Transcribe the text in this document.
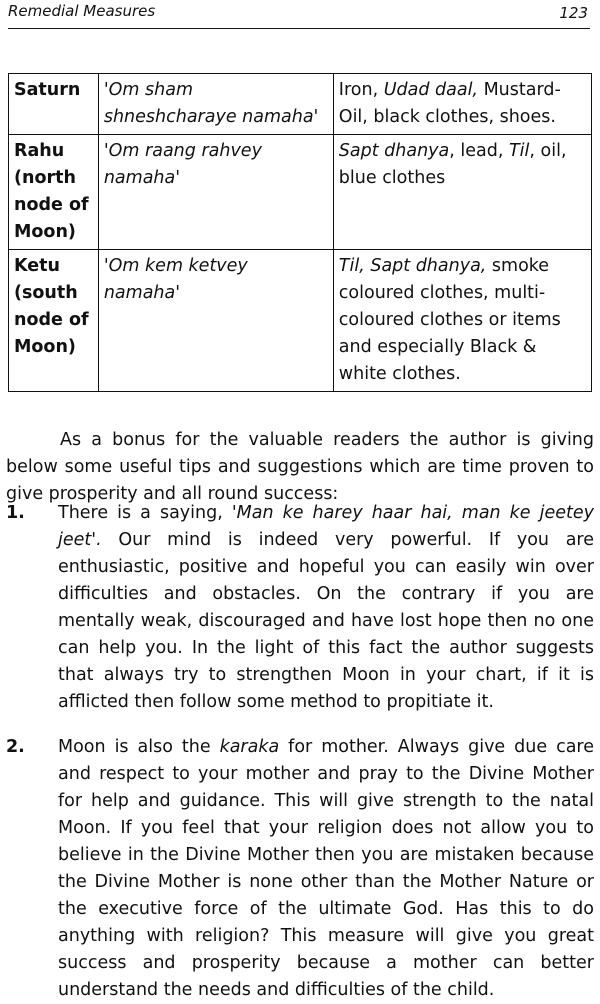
Remedial Measures	123
Saturn	'Om sham shneshcharaye namaha'	Iron, Udad daal, Mustard-Oil, black clothes, shoes.
Rahu (north node of Moon)	'Om raang rahvey namaha'	Sapt dhanya, lead, Til, oil, blue clothes
Ketu (south node of Moon)	'Om kem ketvey namaha'	Til, Sapt dhanya, smoke coloured clothes, multi-coloured clothes or items and especially Black & white clothes.

As a bonus for the valuable readers the author is giving below some useful tips and suggestions which are time proven to give prosperity and all round success:

1. There is a saying, 'Man ke harey haar hai, man ke jeetey jeet'. Our mind is indeed very powerful. If you are enthusiastic, positive and hopeful you can easily win over difficulties and obstacles. On the contrary if you are mentally weak, discouraged and have lost hope then no one can help you. In the light of this fact the author suggests that always try to strengthen Moon in your chart, if it is afflicted then follow some method to propitiate it.

2. Moon is also the karaka for mother. Always give due care and respect to your mother and pray to the Divine Mother for help and guidance. This will give strength to the natal Moon. If you feel that your religion does not allow you to believe in the Divine Mother then you are mistaken because the Divine Mother is none other than the Mother Nature or the executive force of the ultimate God. Has this to do anything with religion? This measure will give you great success and prosperity because a mother can better understand the needs and difficulties of the child.
